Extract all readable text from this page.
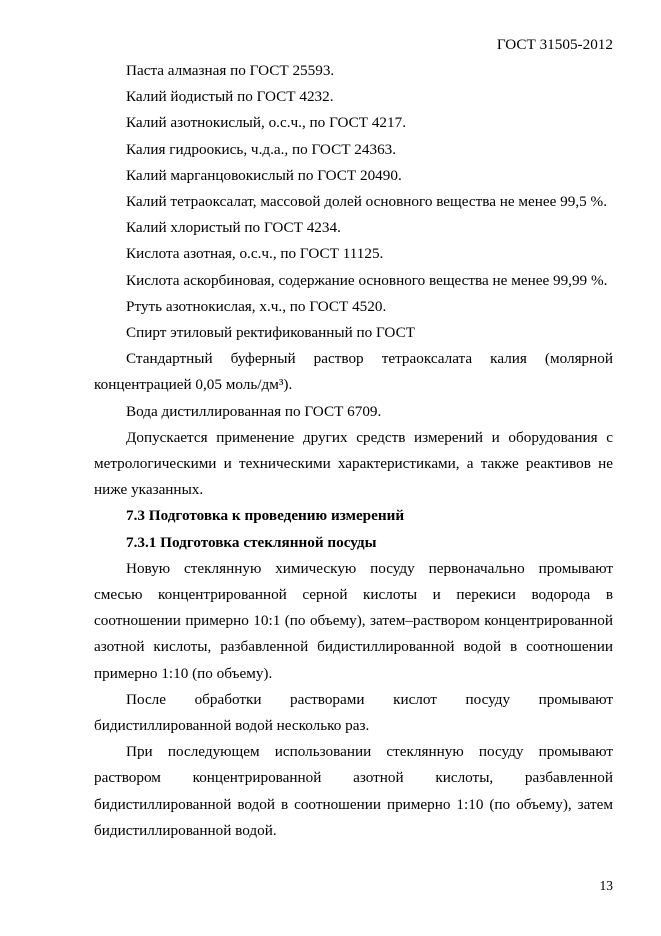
ГОСТ 31505-2012
Паста алмазная по ГОСТ 25593.
Калий йодистый по ГОСТ 4232.
Калий азотнокислый, о.с.ч., по ГОСТ 4217.
Калия гидроокись, ч.д.а., по ГОСТ 24363.
Калий марганцовокислый по ГОСТ 20490.
Калий тетраоксалат, массовой долей основного вещества не менее 99,5 %.
Калий хлористый по ГОСТ 4234.
Кислота азотная, о.с.ч., по ГОСТ 11125.
Кислота аскорбиновая, содержание основного вещества не менее 99,99 %.
Ртуть азотнокислая, х.ч., по ГОСТ 4520.
Спирт этиловый ректификованный по ГОСТ

Стандартный буферный раствор тетраоксалата калия (молярной концентрацией 0,05 моль/дм³).

Вода дистиллированная по ГОСТ 6709.

Допускается применение других средств измерений и оборудования с метрологическими и техническими характеристиками, а также реактивов не ниже указанных.

7.3 Подготовка к проведению измерений
7.3.1 Подготовка стеклянной посуды

Новую стеклянную химическую посуду первоначально промывают смесью концентрированной серной кислоты и перекиси водорода в соотношении примерно 10:1 (по объему), затем–раствором концентрированной азотной кислоты, разбавленной бидистиллированной водой в соотношении примерно 1:10 (по объему).

После обработки растворами кислот посуду промывают бидистиллированной водой несколько раз.

При последующем использовании стеклянную посуду промывают раствором концентрированной азотной кислоты, разбавленной бидистиллированной водой в соотношении примерно 1:10 (по объему), затем бидистиллированной водой.

13
